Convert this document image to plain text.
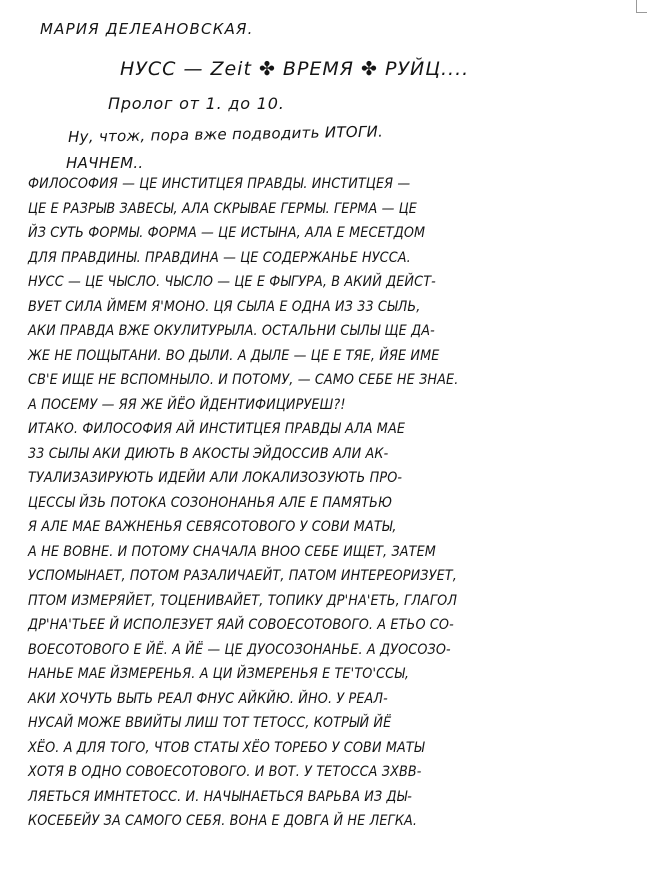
МАРИЯ ДЕЛЕАНОВСКАЯ.
НУСС — Zeit ✤ ВРЕМЯ ✤ РУЙЦ....
Пролог от 1. до 10.
Ну, чтож, пора вже подводить ИТОГИ.
НАЧНЕМ..
ФИЛОСОФИЯ — ЦЕ ИНСТИТЦЕЯ ПРАВДЫ. ИНСТИТЦЕЯ —
ЦЕ Е РАЗРЫВ ЗАВЕСЫ, АЛА СКРЫВАЕ ГЕРМЫ. ГЕРМА — ЦЕ
ЙЗ СУТЬ ФОРМЫ. ФОРМА — ЦЕ ИСТЫНА, АЛА Е МЕСЕТДОМ
ДЛЯ ПРАВДИНЫ. ПРАВДИНА — ЦЕ СОДЕРЖАНЬЕ НУССА.
НУСС — ЦЕ ЧЫСЛО. ЧЫСЛО — ЦЕ Е ФЫГУРА, В АКИЙ ДЕЙСТ-
ВУЕТ СИЛА ЙМЕМ Я'МОНО. ЦЯ СЫЛА Е ОДНА ИЗ 33 СЫЛЬ,
АКИ ПРАВДА ВЖЕ ОКУЛИТУРЫЛА. ОСТАЛЬНИ СЫЛЫ ЩЕ ДА-
ЖЕ НЕ ПОЩЫТАНИ. ВО ДЫЛИ. А ДЫЛЕ — ЦЕ Е ТЯЕ, ЙЯЕ ИМЕ
СВ'Е ИЩЕ НЕ ВСПОМНЫЛО. И ПОТОМУ, — САМО СЕБЕ НЕ ЗНАЕ.
А ПОСЕМУ — ЯЯ ЖЕ ЙЁО ЙДЕНТИФИЦИРУЕШ?!
ИТАКО. ФИЛОСОФИЯ АЙ ИНСТИТЦЕЯ ПРАВДЫ АЛА МАЕ
33 СЫЛЫ АКИ ДИЮТЬ В АКОСТЫ ЭЙДОССИВ АЛИ АК-
ТУАЛИЗАЗИРУЮТЬ ИДЕЙИ АЛИ ЛОКАЛИЗОЗУЮТЬ ПРО-
ЦЕССЫ ЙЗЬ ПОТОКА СОЗОНОНАНЬЯ АЛЕ Е ПАМЯТЬЮ
Я АЛЕ МАЕ ВАЖНЕНЬЯ СЕВЯСОТОВОГО У СОВИ МАТЫ,
А НЕ ВОВНЕ. И ПОТОМУ СНАЧАЛА ВНОО СЕБЕ ИЩЕТ, ЗАТЕМ
УСПОМЫНАЕТ, ПОТОМ РАЗАЛИЧАЕЙТ, ПАТОМ ИНТЕРЕОРИЗУЕТ,
ПТОМ ИЗМЕРЯЙЕТ, ТОЦЕНИВАЙЕТ, ТОПИКУ ДР'НА'ЕТЬ, ГЛАГОЛ
ДР'НА'ТЬЕЕ Й ИСПОЛЕЗУЕТ ЯАЙ СОВОЕСОТОВОГО. А ЕТЬО СО-
ВОЕСОТОВОГО Е ЙЁ. А ЙЁ — ЦЕ ДУОСОЗОНАНЬЕ. А ДУОСОЗО-
НАНЬЕ МАЕ ЙЗМЕРЕНЬЯ. А ЦИ ЙЗМЕРЕНЬЯ Е ТЕ'ТО'ССЫ,
АКИ ХОЧУТЬ ВЫТЬ РЕАЛ ФНУС АЙКЙЮ. ЙНО. У РЕАЛ-
НУСАЙ МОЖЕ ВВИЙТЫ ЛИШ ТОТ ТЕТОСС, КОТРЫЙ ЙЁ
ХЁО. А ДЛЯ ТОГО, ЧТОВ СТАТЫ ХЁО ТОРЕБО У СОВИ МАТЫ
ХОТЯ В ОДНО СОВОЕСОТОВОГО. И ВОТ. У ТЕТОССА ЗХВВ-
ЛЯЕТЬСЯ ИМНТЕТОСС. И. НАЧЫНАЕТЬСЯ ВАРЬВА ИЗ ДЫ-
КОСЕБЕЙУ ЗА САМОГО СЕБЯ. ВОНА Е ДОВГА Й НЕ ЛЕГКА.
